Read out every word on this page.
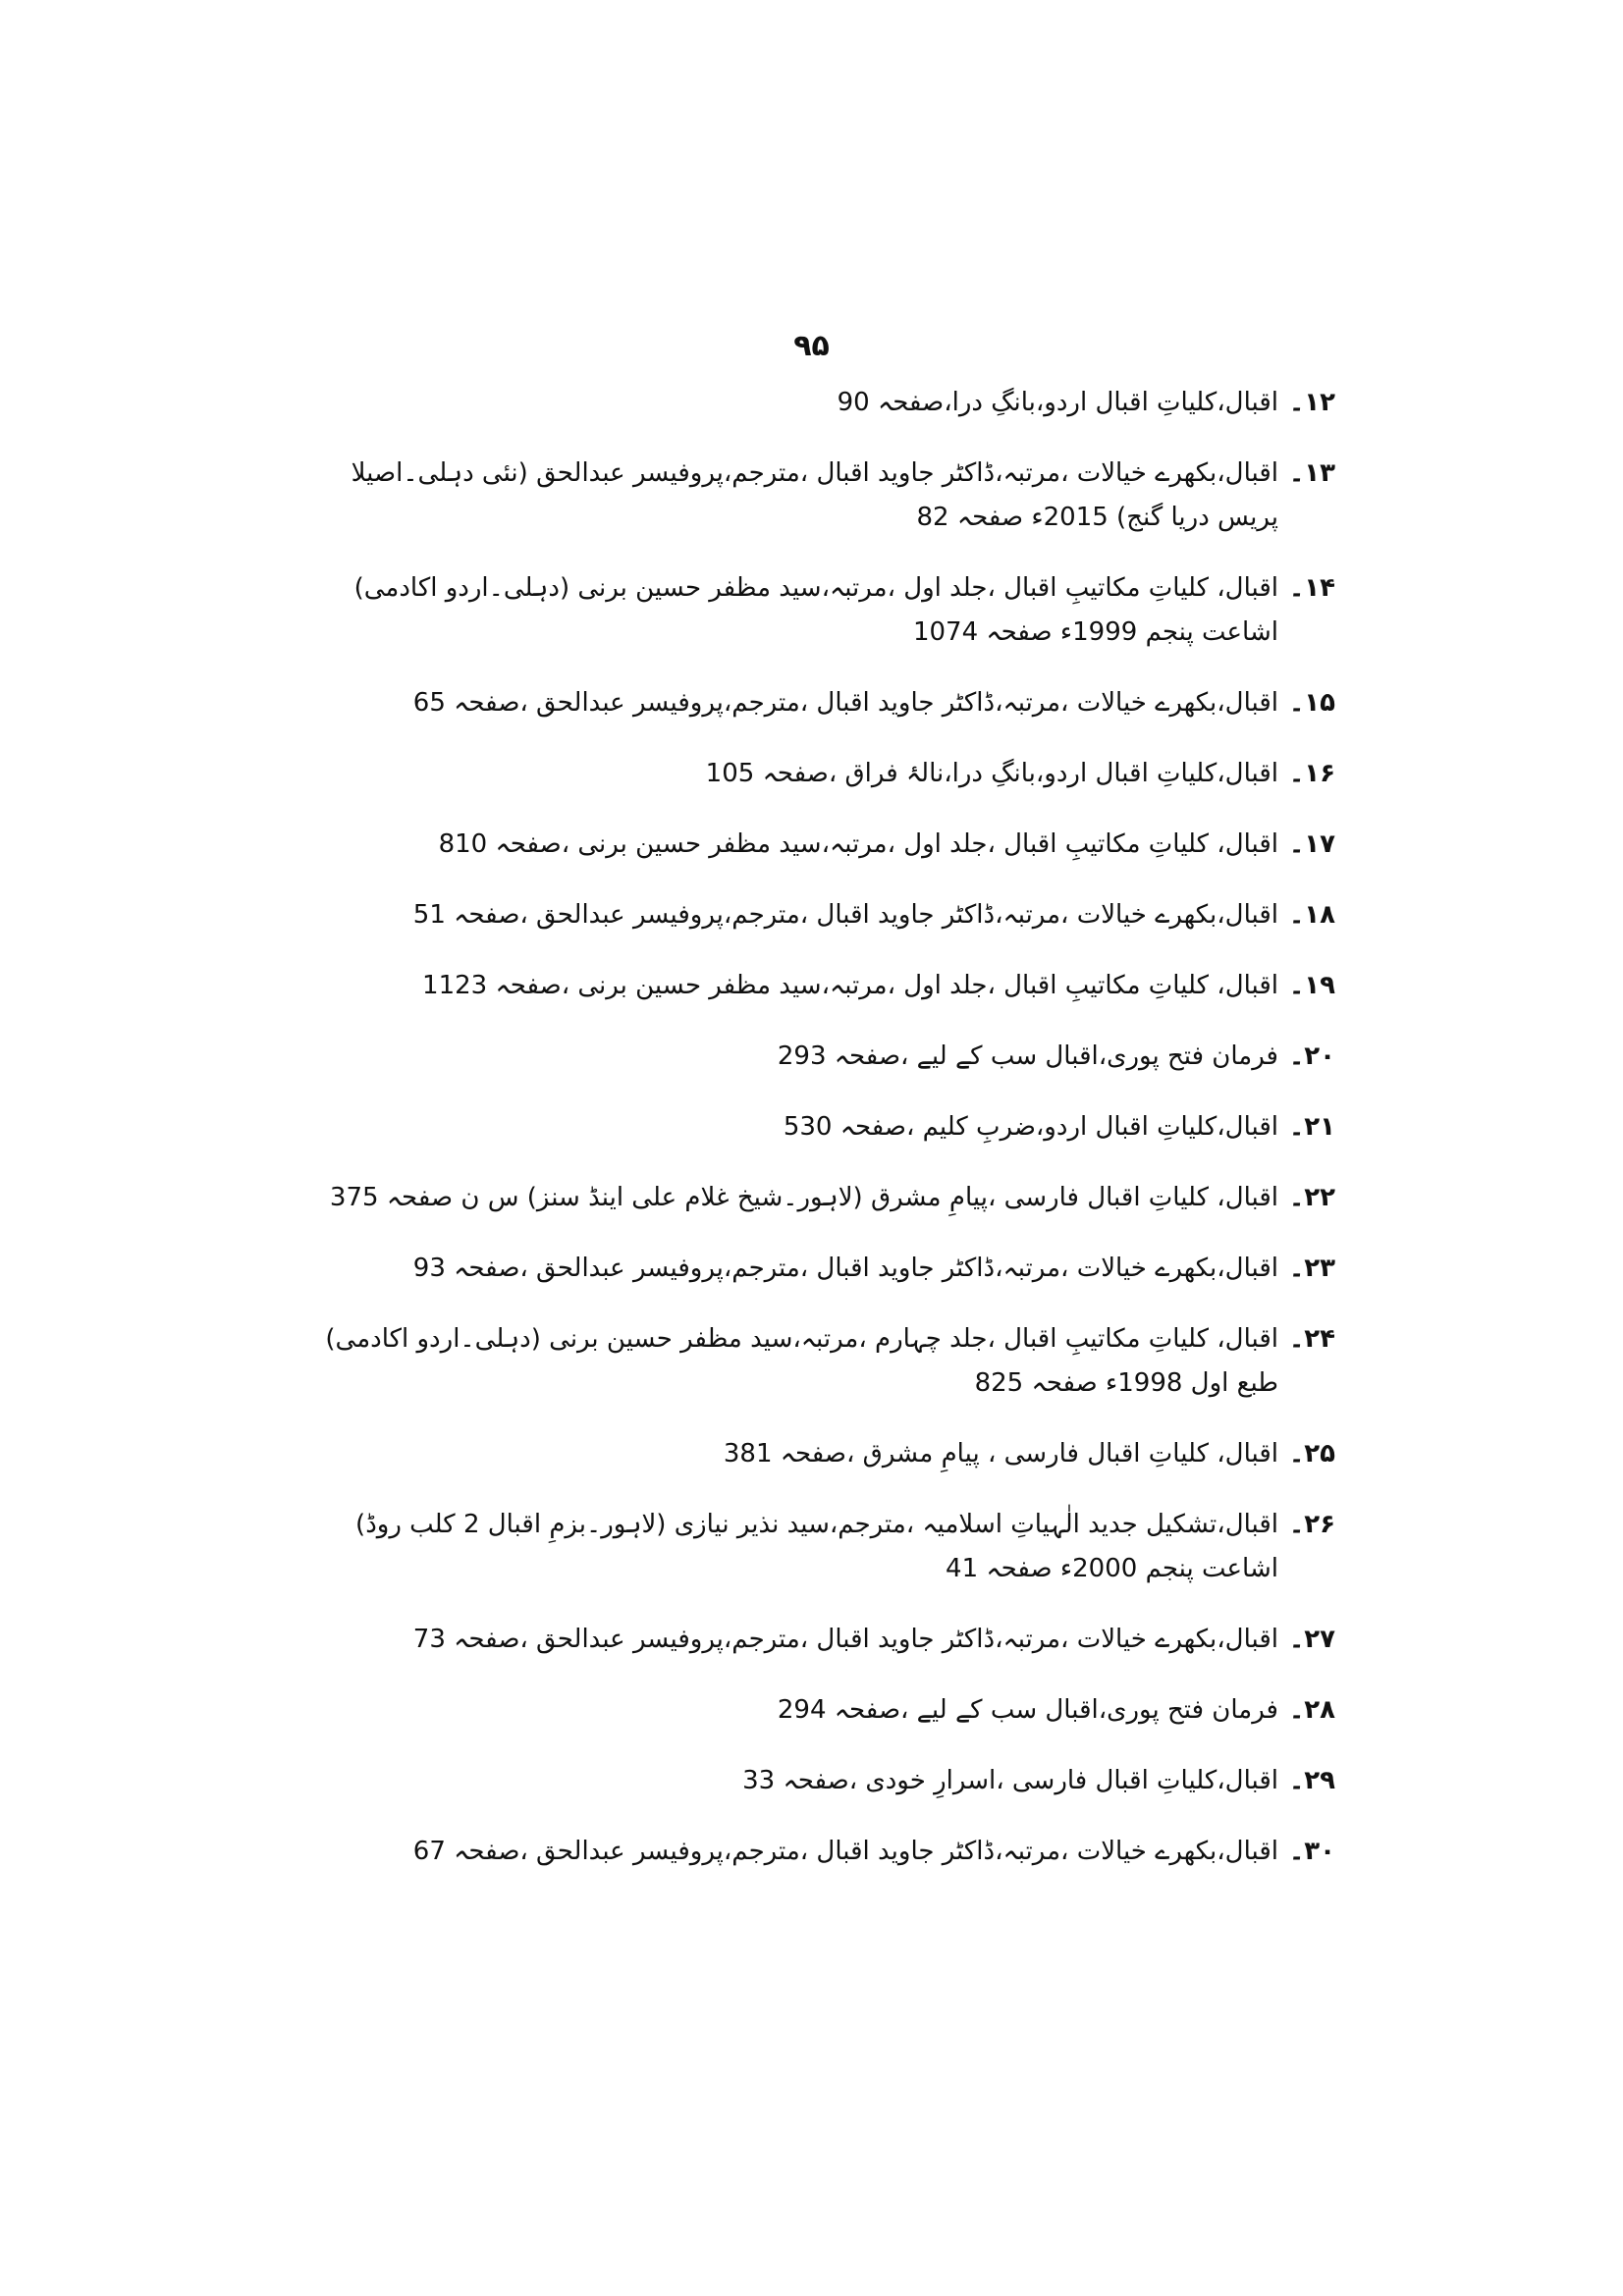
۹۵
۱۲۔
اقبال،کلیاتِ اقبال اردو،بانگِ درا،صفحہ 90
۱۳۔
اقبال،بکھرے خیالات ،مرتبہ،ڈاکٹر جاوید اقبال ،مترجم،پروفیسر عبدالحق (نئی دہلی۔اصیلا پریس دریا گنج) 2015ء صفحہ 82
۱۴۔
اقبال، کلیاتِ مکاتیبِ اقبال ،جلد اول ،مرتبہ،سید مظفر حسین برنی (دہلی۔اردو اکادمی) اشاعت پنجم 1999ء صفحہ 1074
۱۵۔
اقبال،بکھرے خیالات ،مرتبہ،ڈاکٹر جاوید اقبال ،مترجم،پروفیسر عبدالحق ،صفحہ 65
۱۶۔
اقبال،کلیاتِ اقبال اردو،بانگِ درا،نالۂ فراق ،صفحہ 105
۱۷۔
اقبال، کلیاتِ مکاتیبِ اقبال ،جلد اول ،مرتبہ،سید مظفر حسین برنی ،صفحہ 810
۱۸۔
اقبال،بکھرے خیالات ،مرتبہ،ڈاکٹر جاوید اقبال ،مترجم،پروفیسر عبدالحق ،صفحہ 51
۱۹۔
اقبال، کلیاتِ مکاتیبِ اقبال ،جلد اول ،مرتبہ،سید مظفر حسین برنی ،صفحہ 1123
۲۰۔
فرمان فتح پوری،اقبال سب کے لیے ،صفحہ 293
۲۱۔
اقبال،کلیاتِ اقبال اردو،ضربِ کلیم ،صفحہ 530
۲۲۔
اقبال، کلیاتِ اقبال فارسی ،پیامِ مشرق (لاہور۔شیخ غلام علی اینڈ سنز) س ن صفحہ 375
۲۳۔
اقبال،بکھرے خیالات ،مرتبہ،ڈاکٹر جاوید اقبال ،مترجم،پروفیسر عبدالحق ،صفحہ 93
۲۴۔
اقبال، کلیاتِ مکاتیبِ اقبال ،جلد چہارم ،مرتبہ،سید مظفر حسین برنی (دہلی۔اردو اکادمی) طبع اول 1998ء صفحہ 825
۲۵۔
اقبال، کلیاتِ اقبال فارسی ، پیامِ مشرق ،صفحہ 381
۲۶۔
اقبال،تشکیل جدید الٰہیاتِ اسلامیہ ،مترجم،سید نذیر نیازی (لاہور۔بزمِ اقبال 2 کلب روڈ) اشاعت پنجم 2000ء صفحہ 41
۲۷۔
اقبال،بکھرے خیالات ،مرتبہ،ڈاکٹر جاوید اقبال ،مترجم،پروفیسر عبدالحق ،صفحہ 73
۲۸۔
فرمان فتح پوری،اقبال سب کے لیے ،صفحہ 294
۲۹۔
اقبال،کلیاتِ اقبال فارسی ،اسرارِ خودی ،صفحہ 33
۳۰۔
اقبال،بکھرے خیالات ،مرتبہ،ڈاکٹر جاوید اقبال ،مترجم،پروفیسر عبدالحق ،صفحہ 67
